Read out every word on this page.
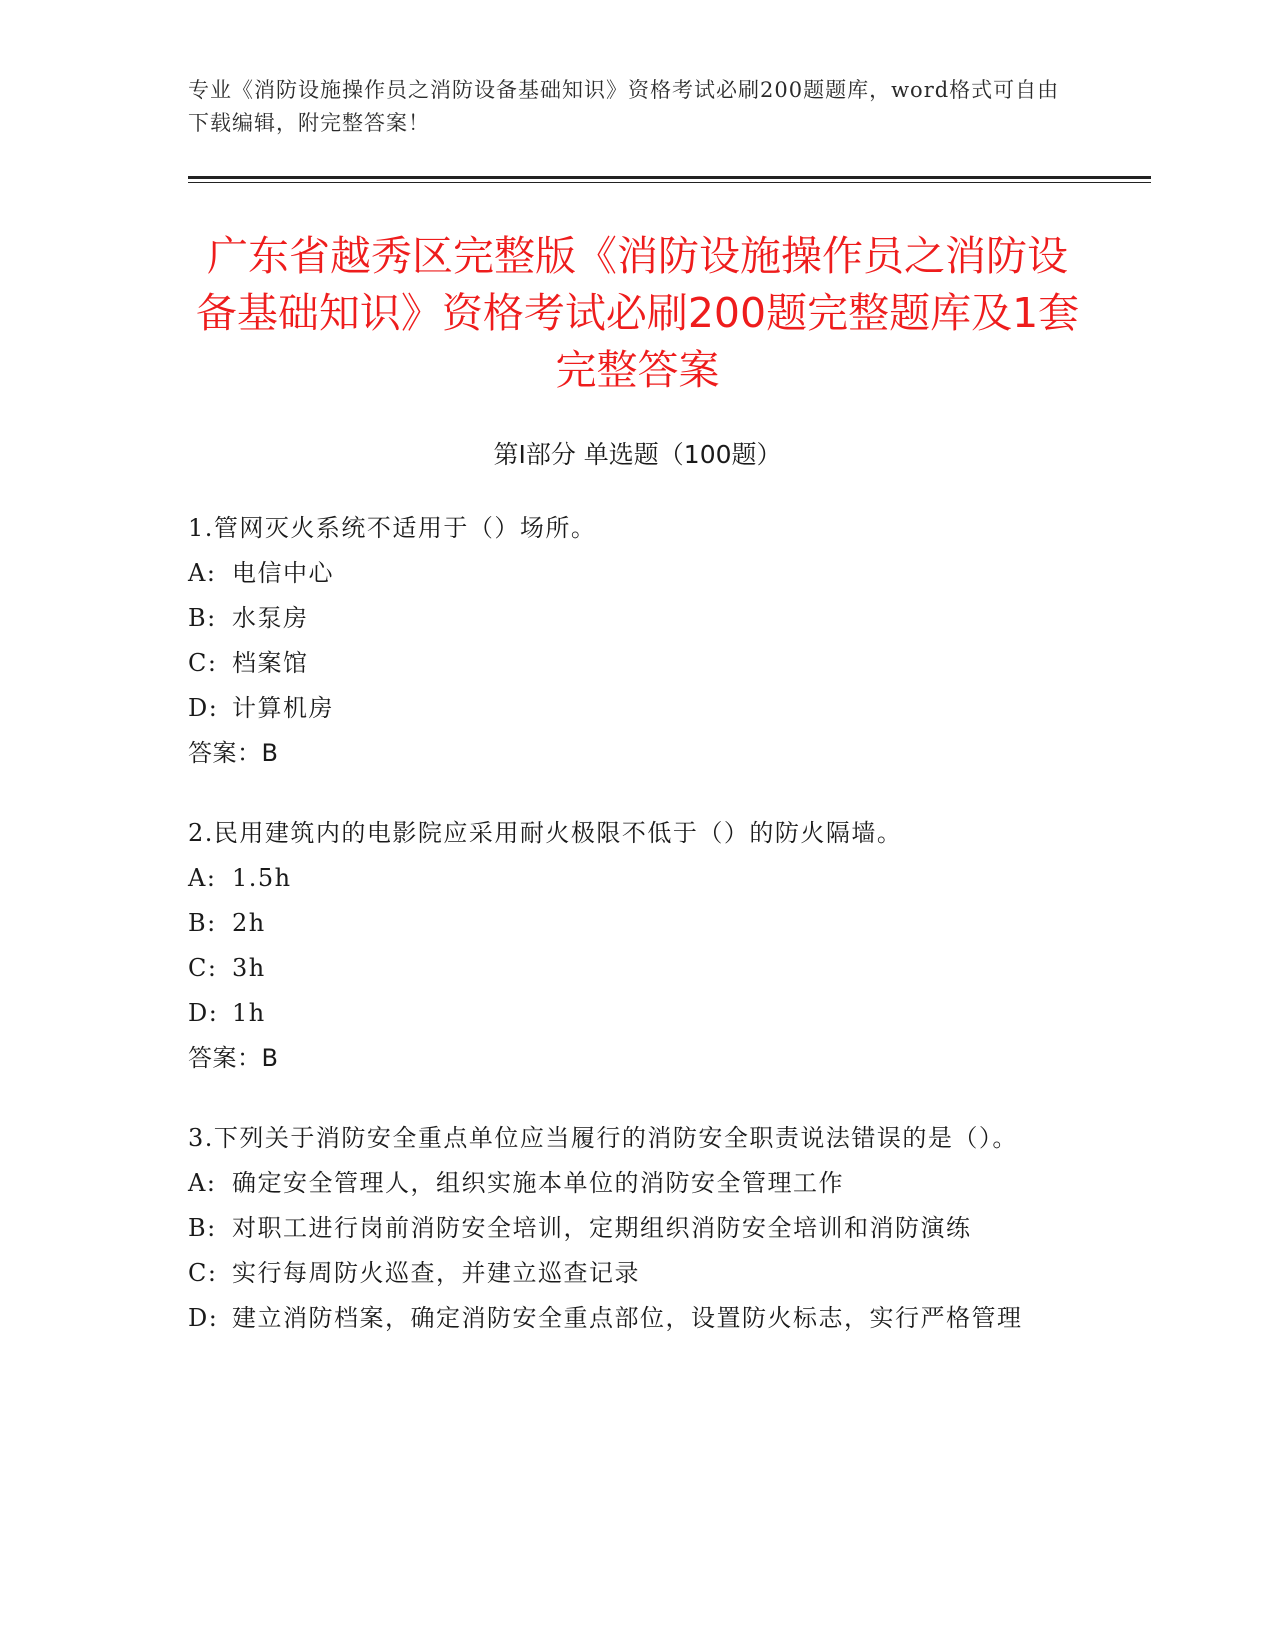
专业《消防设施操作员之消防设备基础知识》资格考试必刷200题题库，word格式可自由下载编辑，附完整答案！
广东省越秀区完整版《消防设施操作员之消防设备基础知识》资格考试必刷200题完整题库及1套完整答案
第I部分 单选题（100题）

1.管网灭火系统不适用于（）场所。

A: 电信中心

B: 水泵房

C: 档案馆

D: 计算机房

答案：B

2.民用建筑内的电影院应采用耐火极限不低于（）的防火隔墙。

A: 1.5h

B: 2h

C: 3h

D: 1h

答案：B

3.下列关于消防安全重点单位应当履行的消防安全职责说法错误的是（）。

A: 确定安全管理人，组织实施本单位的消防安全管理工作

B: 对职工进行岗前消防安全培训，定期组织消防安全培训和消防演练

C: 实行每周防火巡查，并建立巡查记录

D: 建立消防档案，确定消防安全重点部位，设置防火标志，实行严格管理
